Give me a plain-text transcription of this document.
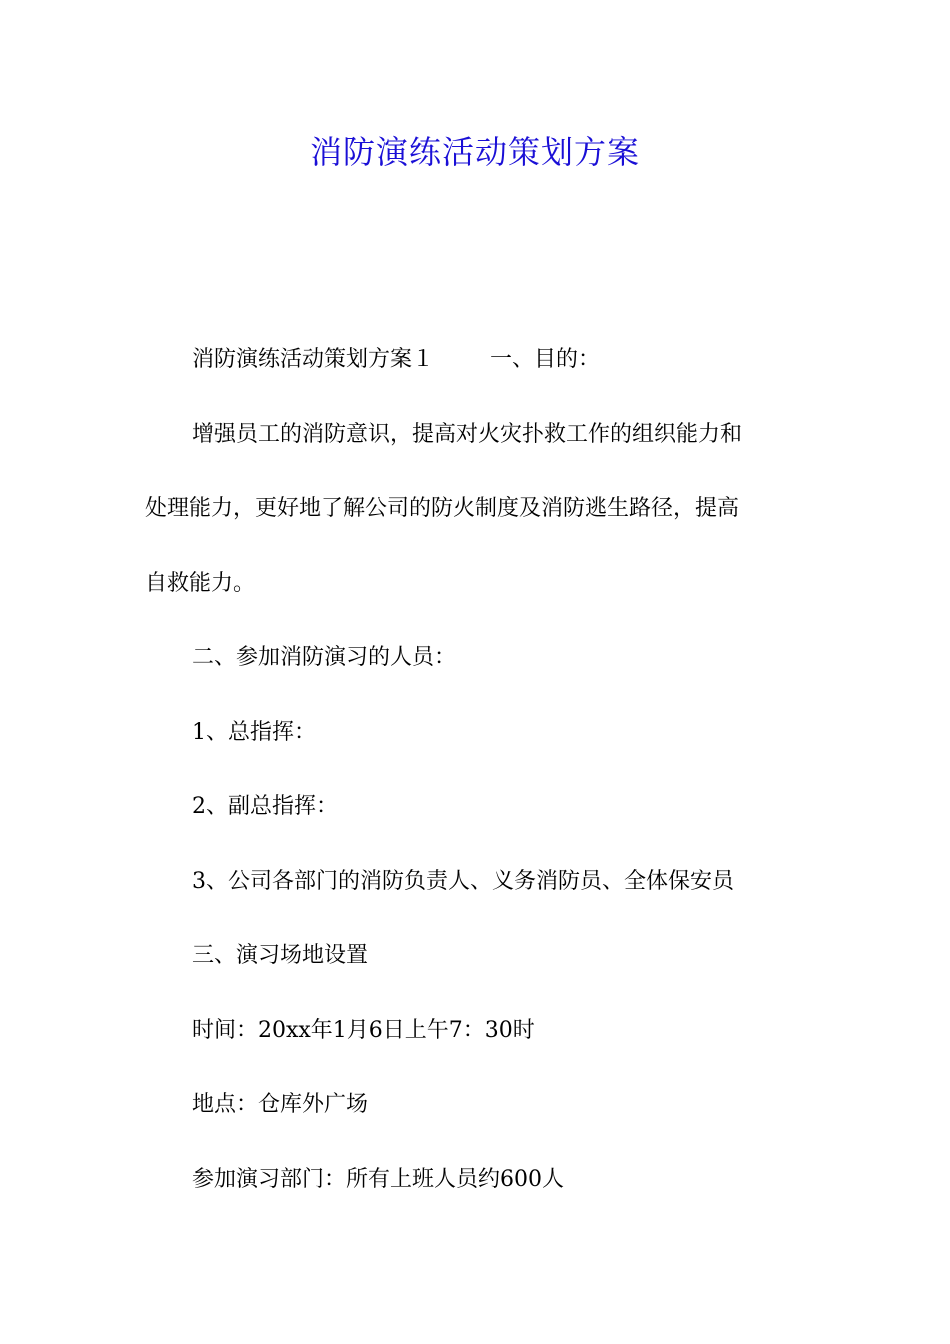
消防演练活动策划方案
消防演练活动策划方案１	一、目的：
增强员工的消防意识，提高对火灾扑救工作的组织能力和
处理能力，更好地了解公司的防火制度及消防逃生路径，提高
自救能力。
二、参加消防演习的人员：
1、总指挥：
2、副总指挥：
3、公司各部门的消防负责人、义务消防员、全体保安员
三、演习场地设置
时间：20xx年1月6日上午7：30时
地点：仓库外广场
参加演习部门：所有上班人员约600人
